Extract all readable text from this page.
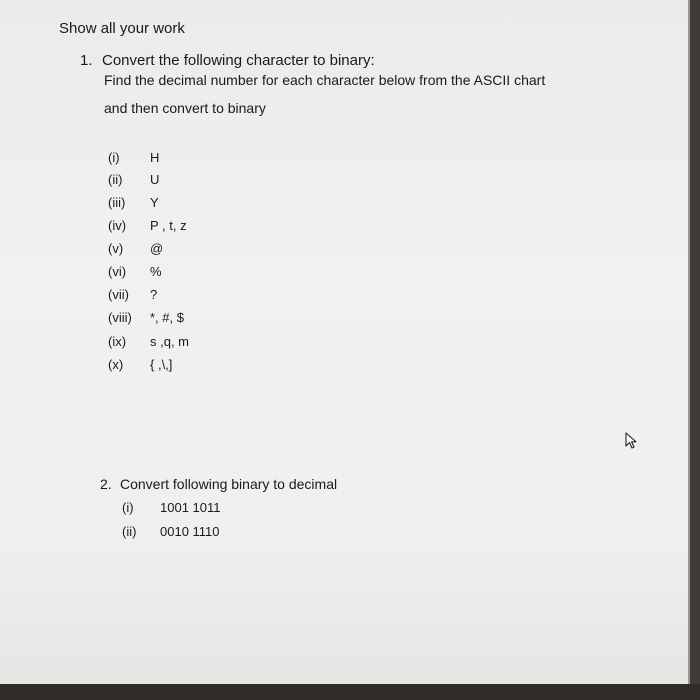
Show all your work
1. Convert the following character to binary:
Find the decimal number for each character below from the ASCII chart
and then convert to binary
(i) H
(ii) U
(iii) Y
(iv) P , t, z
(v) @
(vi) %
(vii) ?
(viii) *, #, $
(ix) s ,q, m
(x) { ,\,]
2. Convert following binary to decimal
(i) 1001 1011
(ii) 0010 1110
